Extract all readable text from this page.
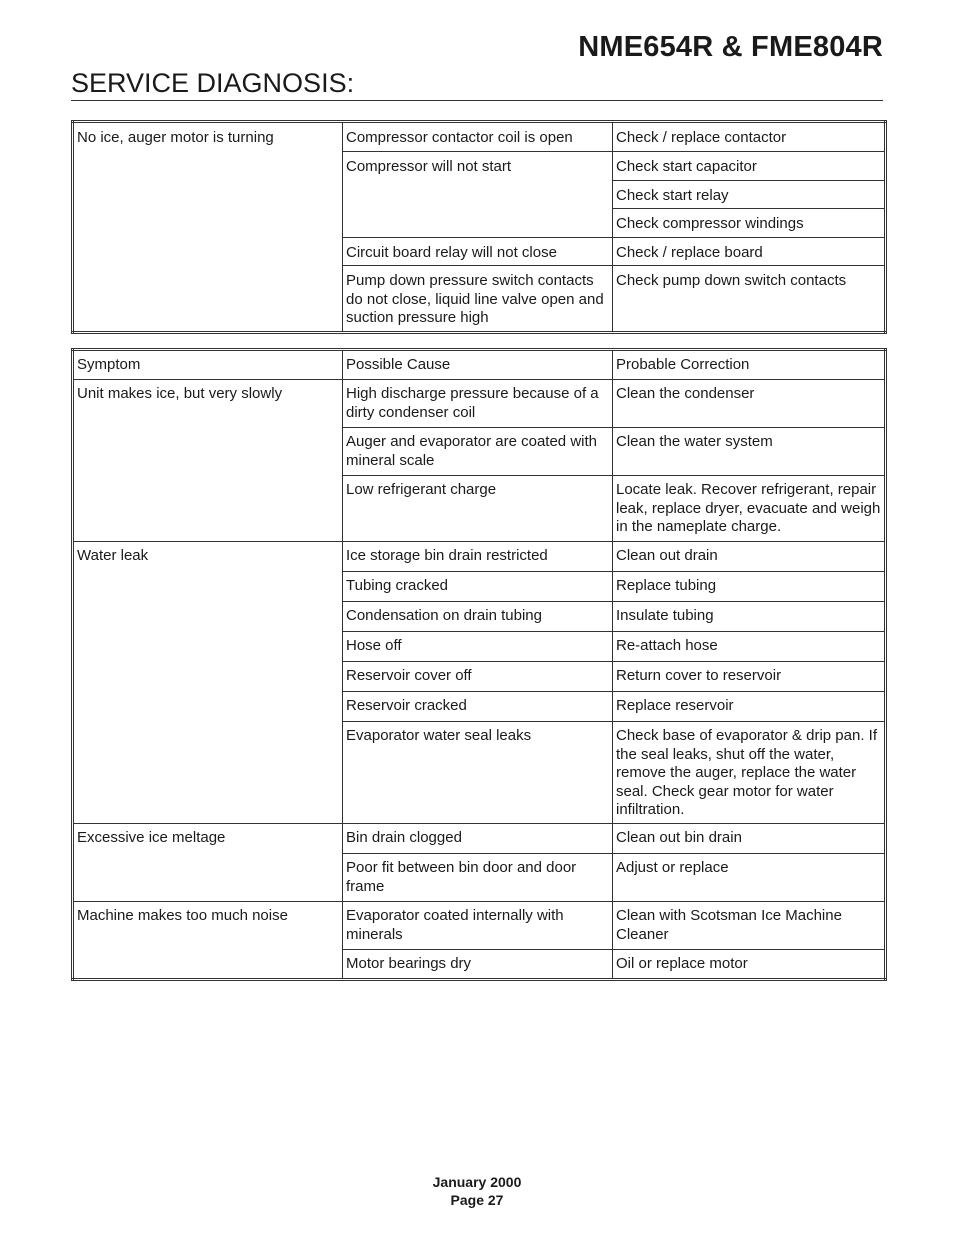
NME654R & FME804R
SERVICE DIAGNOSIS:
No ice, auger motor is turning	Compressor contactor coil is open	Check / replace contactor
	Compressor will not start	Check start capacitor
		Check start relay
		Check compressor windings
	Circuit board relay will not close	Check / replace board
	Pump down pressure switch contacts do not close, liquid line valve open and suction pressure high	Check pump down switch contacts
Symptom	Possible Cause	Probable Correction
Unit makes ice, but very slowly	High discharge pressure because of a dirty condenser coil	Clean the condenser
	Auger and evaporator are coated with mineral scale	Clean the water system
	Low refrigerant charge	Locate leak. Recover refrigerant, repair leak, replace dryer, evacuate and weigh in the nameplate charge.
Water leak	Ice storage bin drain restricted	Clean out drain
	Tubing cracked	Replace tubing
	Condensation on drain tubing	Insulate tubing
	Hose off	Re-attach hose
	Reservoir cover off	Return cover to reservoir
	Reservoir cracked	Replace reservoir
	Evaporator water seal leaks	Check base of evaporator & drip pan. If the seal leaks, shut off the water, remove the auger, replace the water seal. Check gear motor for water infiltration.
Excessive ice meltage	Bin drain clogged	Clean out bin drain
	Poor fit between bin door and door frame	Adjust or replace
Machine makes too much noise	Evaporator coated internally with minerals	Clean with Scotsman Ice Machine Cleaner
	Motor bearings dry	Oil or replace motor
January 2000
Page 27
